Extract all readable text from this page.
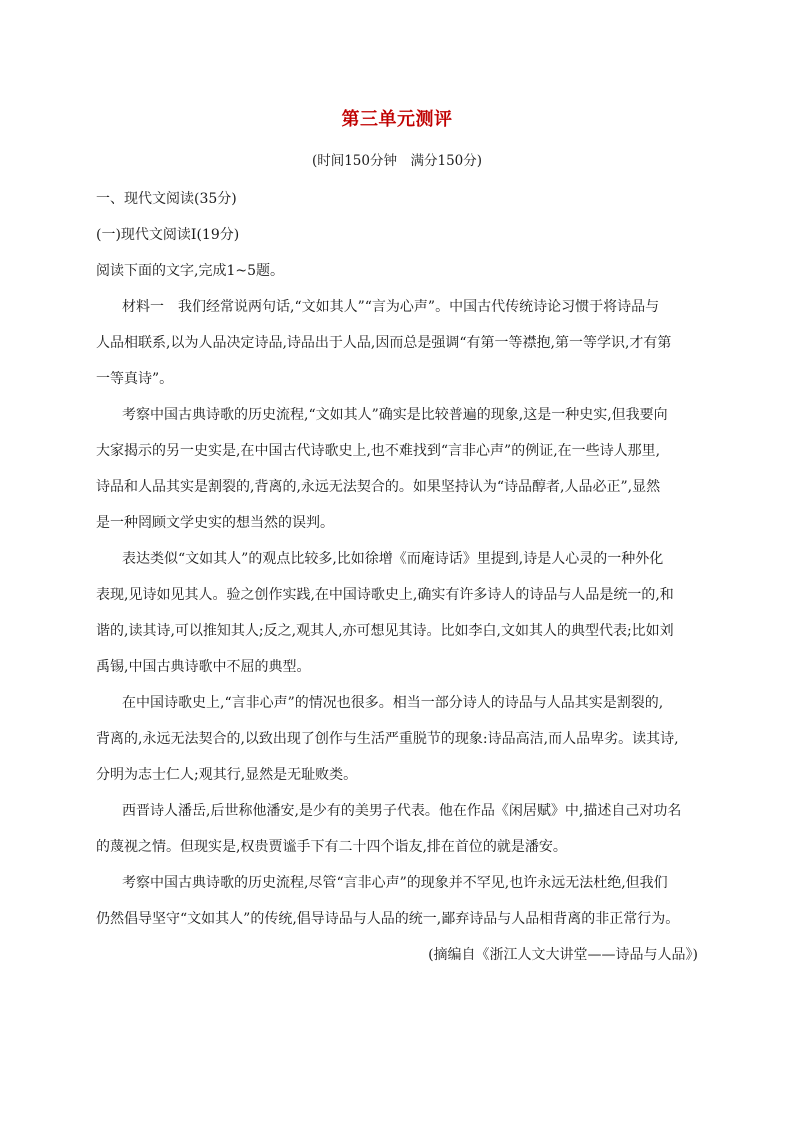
第三单元测评
(时间150分钟　满分150分)
一、现代文阅读(35分)
(一)现代文阅读Ⅰ(19分)
阅读下面的文字,完成1~5题。
材料一　我们经常说两句话,“文如其人”“言为心声”。中国古代传统诗论习惯于将诗品与
人品相联系,以为人品决定诗品,诗品出于人品,因而总是强调“有第一等襟抱,第一等学识,才有第
一等真诗”。
考察中国古典诗歌的历史流程,“文如其人”确实是比较普遍的现象,这是一种史实,但我要向
大家揭示的另一史实是,在中国古代诗歌史上,也不难找到“言非心声”的例证,在一些诗人那里,
诗品和人品其实是割裂的,背离的,永远无法契合的。如果坚持认为“诗品醇者,人品必正”,显然
是一种罔顾文学史实的想当然的误判。
表达类似“文如其人”的观点比较多,比如徐增《而庵诗话》里提到,诗是人心灵的一种外化
表现,见诗如见其人。验之创作实践,在中国诗歌史上,确实有许多诗人的诗品与人品是统一的,和
谐的,读其诗,可以推知其人;反之,观其人,亦可想见其诗。比如李白,文如其人的典型代表;比如刘
禹锡,中国古典诗歌中不屈的典型。
在中国诗歌史上,“言非心声”的情况也很多。相当一部分诗人的诗品与人品其实是割裂的,
背离的,永远无法契合的,以致出现了创作与生活严重脱节的现象:诗品高洁,而人品卑劣。读其诗,
分明为志士仁人;观其行,显然是无耻败类。
西晋诗人潘岳,后世称他潘安,是少有的美男子代表。他在作品《闲居赋》中,描述自己对功名
的蔑视之情。但现实是,权贵贾谧手下有二十四个诣友,排在首位的就是潘安。
考察中国古典诗歌的历史流程,尽管“言非心声”的现象并不罕见,也许永远无法杜绝,但我们
仍然倡导坚守“文如其人”的传统,倡导诗品与人品的统一,鄙弃诗品与人品相背离的非正常行为。
(摘编自《浙江人文大讲堂——诗品与人品》)
